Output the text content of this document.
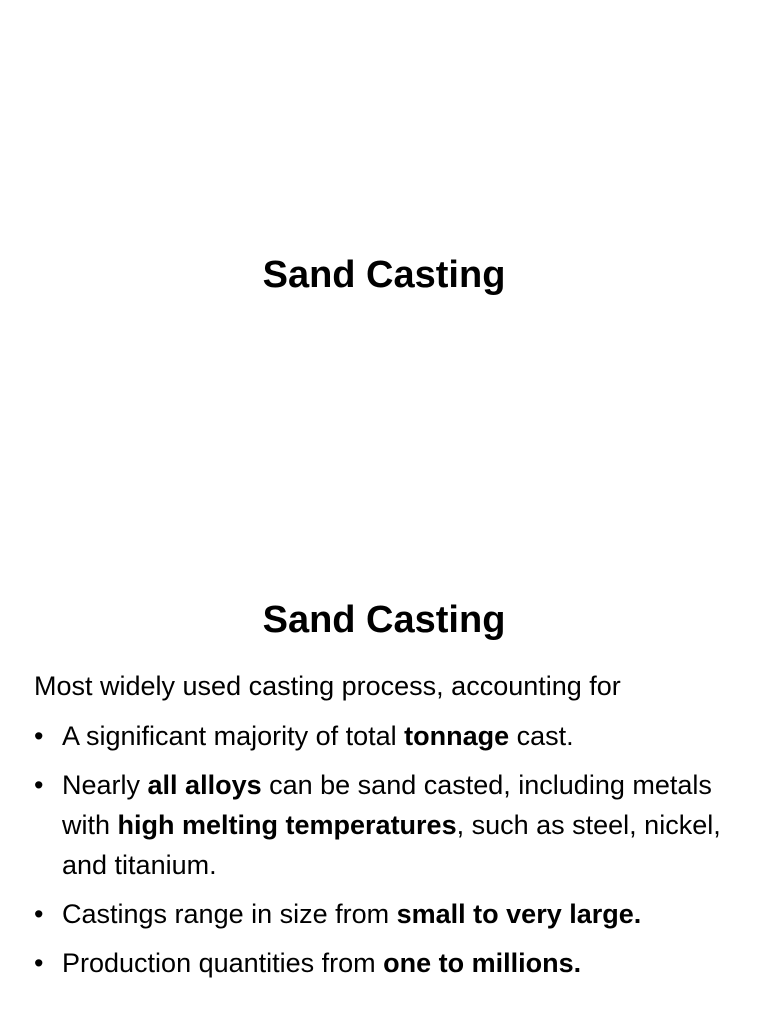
Sand Casting
Sand Casting

Most widely used casting process, accounting for

• A significant majority of total tonnage cast.
• Nearly all alloys can be sand casted, including metals with high melting temperatures, such as steel, nickel, and titanium.
• Castings range in size from small to very large.
• Production quantities from one to millions.
